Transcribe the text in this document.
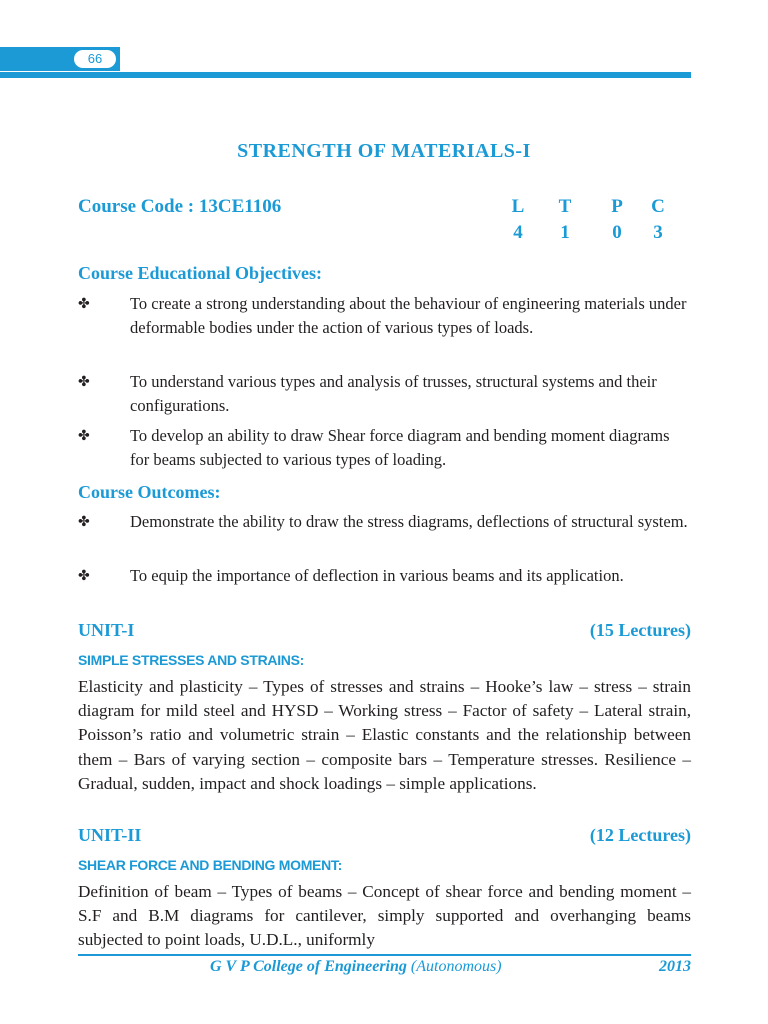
66
STRENGTH OF MATERIALS-I
Course Code : 13CE1106	L T	P	C
4	1	0	3
Course Educational Objectives:
✤ To create a strong understanding about the behaviour of engineering materials under deformable bodies under the action of various types of loads.
✤ To understand various types and analysis of trusses, structural systems and their configurations.
✤ To develop an ability to draw Shear force diagram and bending moment diagrams for beams subjected to various types of loading.
Course Outcomes:
✤ Demonstrate the ability to draw the stress diagrams, deflections of structural system.
✤ To equip the importance of deflection in various beams and its application.
UNIT-I	(15 Lectures)
SIMPLE STRESSES AND STRAINS:
Elasticity and plasticity – Types of stresses and strains – Hooke’s law – stress – strain diagram for mild steel and HYSD – Working stress – Factor of safety – Lateral strain, Poisson’s ratio and volumetric strain – Elastic constants and the relationship between them – Bars of varying section – composite bars – Temperature stresses. Resilience – Gradual, sudden, impact and shock loadings – simple applications.
UNIT-II	(12 Lectures)
SHEAR FORCE AND BENDING MOMENT:
Definition of beam – Types of beams – Concept of shear force and bending moment – S.F and B.M diagrams for cantilever, simply supported and overhanging beams subjected to point loads, U.D.L., uniformly
G V P College of Engineering (Autonomous)	2013
